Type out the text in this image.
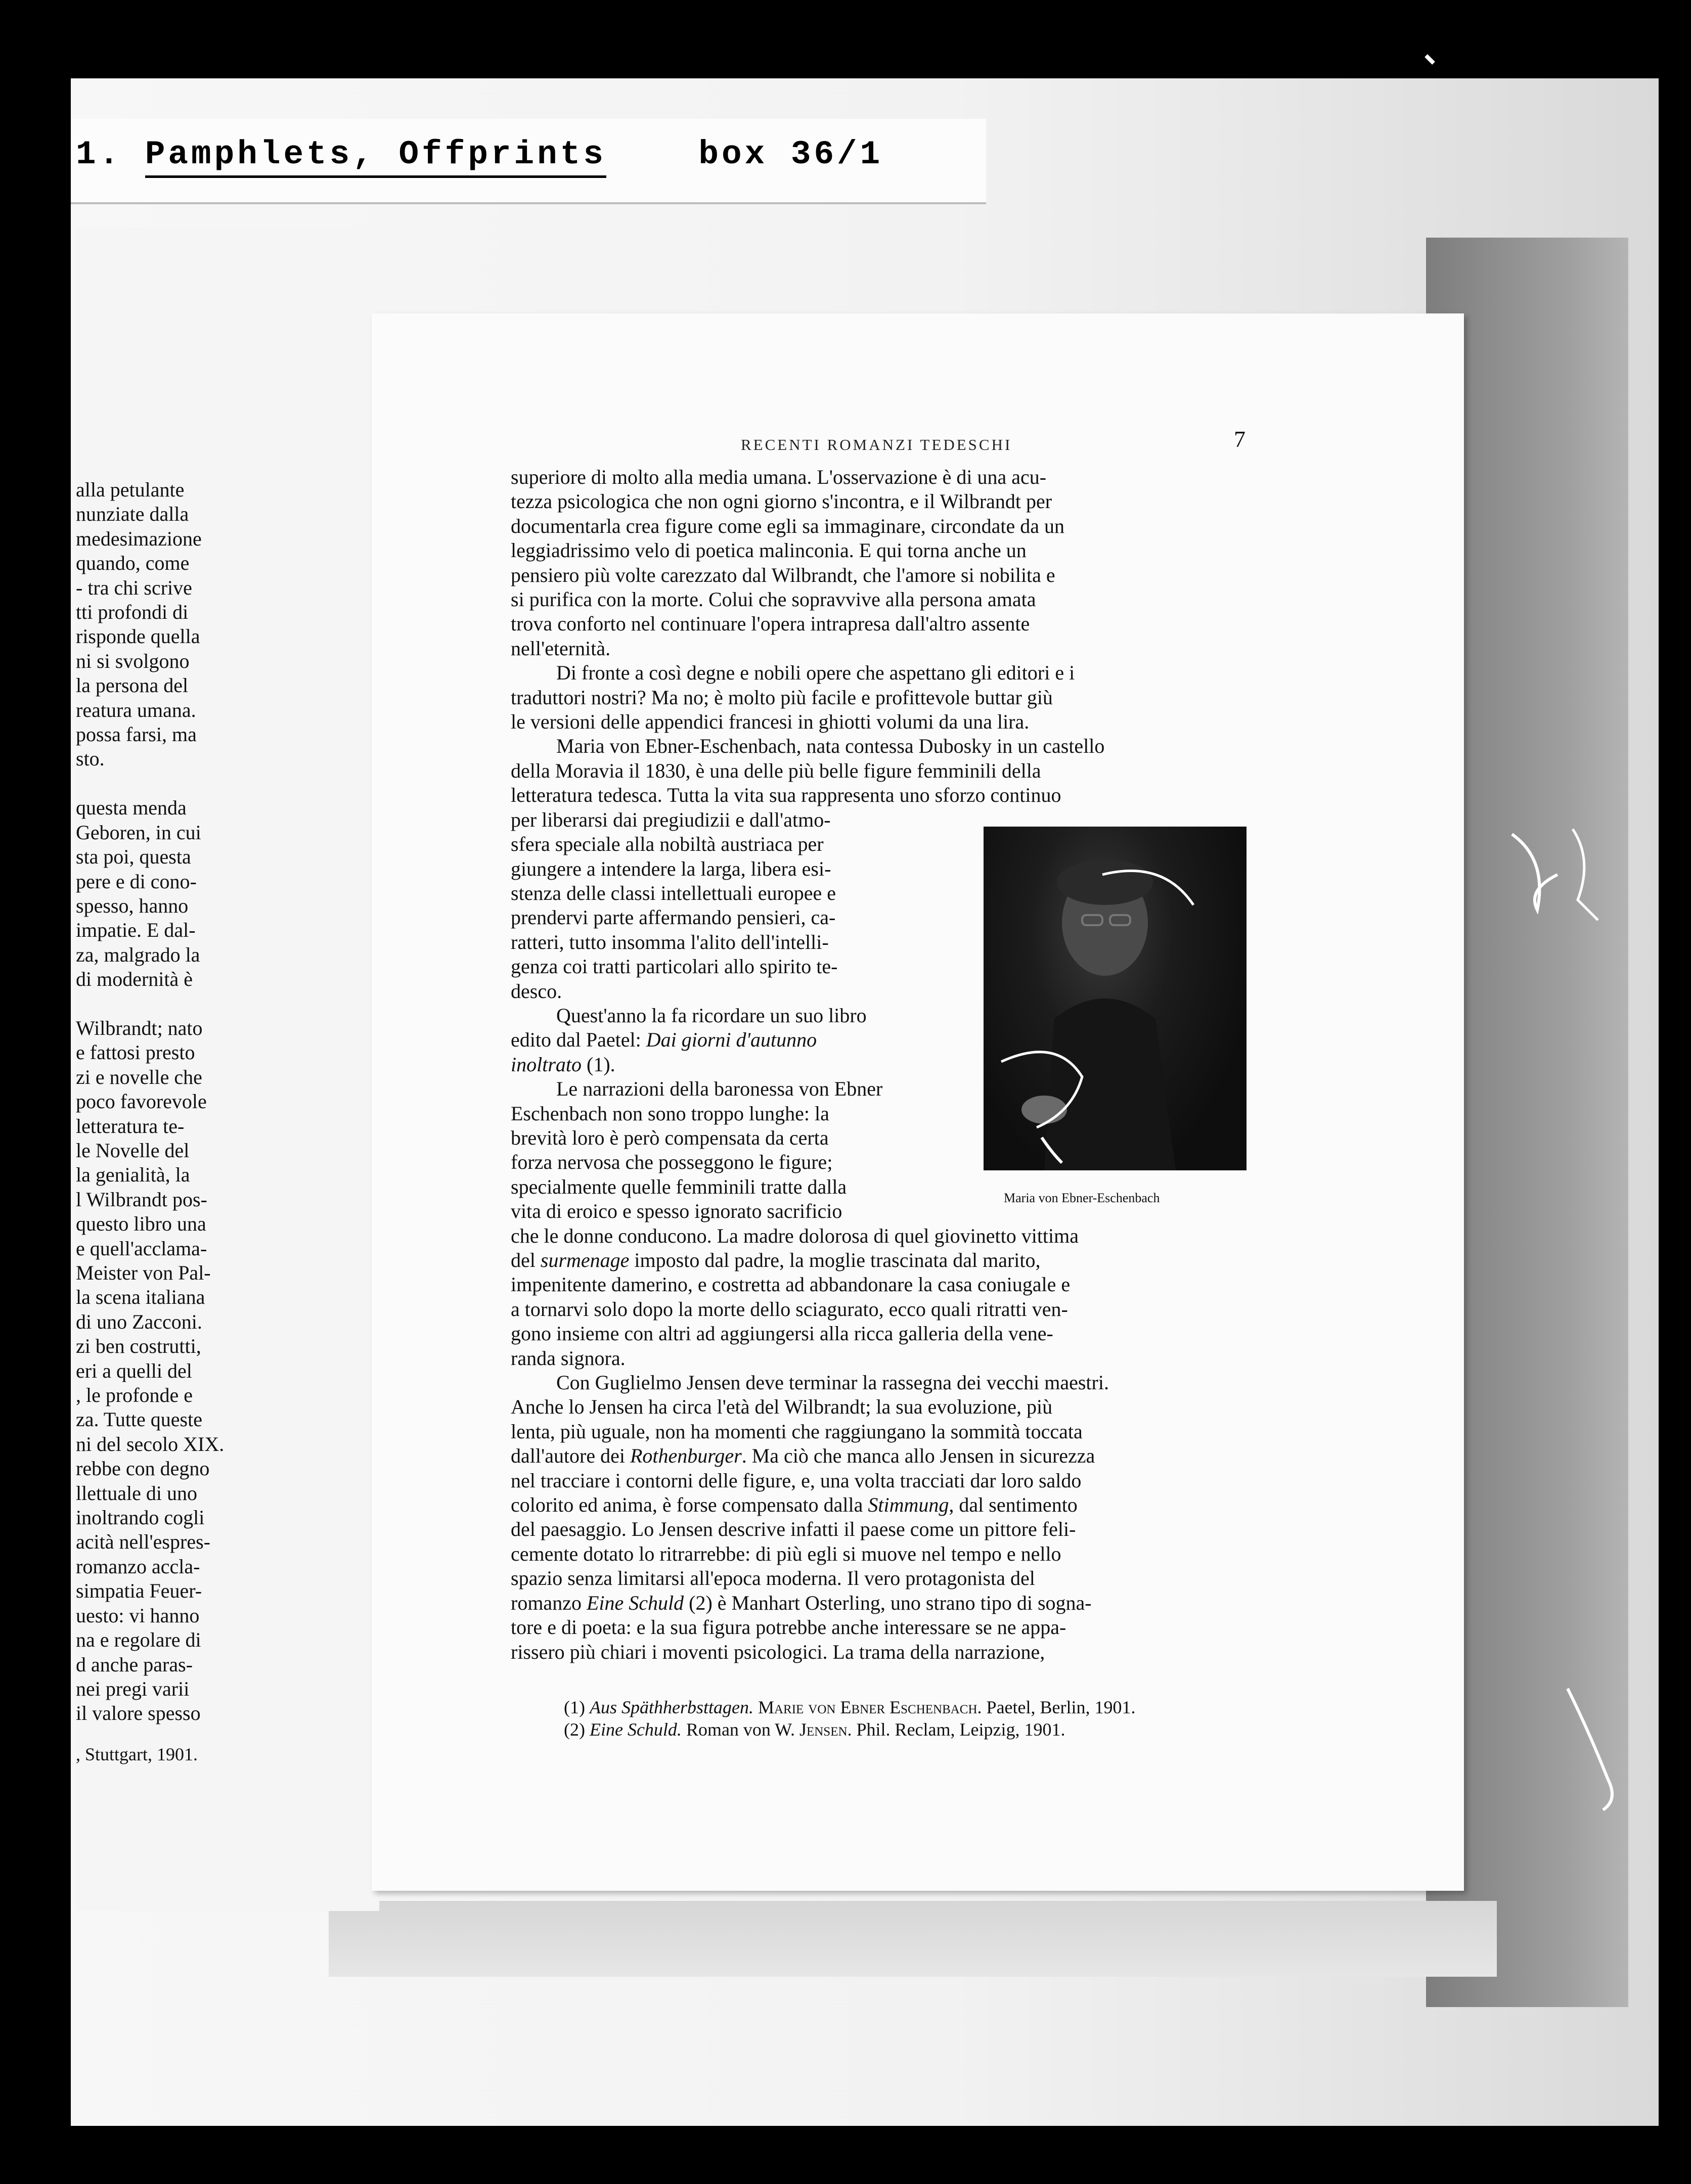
alla petulante
nunziate dalla
medesimazione
quando, come
- tra chi scrive
tti profondi di
risponde quella
ni si svolgono
la persona del
reatura umana.
possa farsi, ma
sto.

questa menda
Geboren, in cui
sta poi, questa
pere e di cono-
spesso, hanno
impatie. E dal-
za, malgrado la
di modernità è

Wilbrandt; nato
e fattosi presto
zi e novelle che
poco favorevole
letteratura te-
le Novelle del
la genialità, la
l Wilbrandt pos-
questo libro una
e quell'acclama-
Meister von Pal-
la scena italiana
di uno Zacconi.
zi ben costrutti,
eri a quelli del
, le profonde e
za. Tutte queste
ni del secolo XIX.
rebbe con degno
llettuale di uno
inoltrando cogli
acità nell'espres-
romanzo accla-
simpatia Feuer-
uesto: vi hanno
na e regolare di
d anche paras-
nei pregi varii
il valore spesso
, Stuttgart, 1901.
1. Pamphlets, Offprints	box 36/1
RECENTI ROMANZI TEDESCHI	7
superiore di molto alla media umana. L'osservazione è di una acu-
tezza psicologica che non ogni giorno s'incontra, e il Wilbrandt per
documentarla crea figure come egli sa immaginare, circondate da un
leggiadrissimo velo di poetica malinconia. E qui torna anche un
pensiero più volte carezzato dal Wilbrandt, che l'amore si nobilita e
si purifica con la morte. Colui che sopravvive alla persona amata
trova conforto nel continuare l'opera intrapresa dall'altro assente
nell'eternità.
Di fronte a così degne e nobili opere che aspettano gli editori e i
traduttori nostri? Ma no; è molto più facile e profittevole buttar giù
le versioni delle appendici francesi in ghiotti volumi da una lira.
Maria von Ebner-Eschenbach, nata contessa Dubosky in un castello
della Moravia il 1830, è una delle più belle figure femminili della
letteratura tedesca. Tutta la vita sua rappresenta uno sforzo continuo
per liberarsi dai pregiudizii e dall'atmo-
sfera speciale alla nobiltà austriaca per
giungere a intendere la larga, libera esi-
stenza delle classi intellettuali europee e
prendervi parte affermando pensieri, ca-
ratteri, tutto insomma l'alito dell'intelli-
genza coi tratti particolari allo spirito te-
desco.
Quest'anno la fa ricordare un suo libro
edito dal Paetel: Dai giorni d'autunno
inoltrato (1).
Le narrazioni della baronessa von Ebner
Eschenbach non sono troppo lunghe: la
brevità loro è però compensata da certa
forza nervosa che posseggono le figure;
specialmente quelle femminili tratte dalla
vita di eroico e spesso ignorato sacrificio
che le donne conducono. La madre dolorosa di quel giovinetto vittima
del surmenage imposto dal padre, la moglie trascinata dal marito,
impenitente damerino, e costretta ad abbandonare la casa coniugale e
a tornarvi solo dopo la morte dello sciagurato, ecco quali ritratti ven-
gono insieme con altri ad aggiungersi alla ricca galleria della vene-
randa signora.
Con Guglielmo Jensen deve terminar la rassegna dei vecchi maestri.
Anche lo Jensen ha circa l'età del Wilbrandt; la sua evoluzione, più
lenta, più uguale, non ha momenti che raggiungano la sommità toccata
dall'autore dei Rothenburger. Ma ciò che manca allo Jensen in sicurezza
nel tracciare i contorni delle figure, e, una volta tracciati dar loro saldo
colorito ed anima, è forse compensato dalla Stimmung, dal sentimento
del paesaggio. Lo Jensen descrive infatti il paese come un pittore feli-
cemente dotato lo ritrarrebbe: di più egli si muove nel tempo e nello
spazio senza limitarsi all'epoca moderna. Il vero protagonista del
romanzo Eine Schuld (2) è Manhart Osterling, uno strano tipo di sognа-
tore e di poeta: e la sua figura potrebbe anche interessare se ne appa-
rissero più chiari i moventi psicologici. La trama della narrazione,
Maria von Ebner-Eschenbach
(1) Aus Späthherbsttagen. Marie von Ebner Eschenbach. Paetel, Berlin, 1901.
(2) Eine Schuld. Roman von W. Jensen. Phil. Reclam, Leipzig, 1901.
